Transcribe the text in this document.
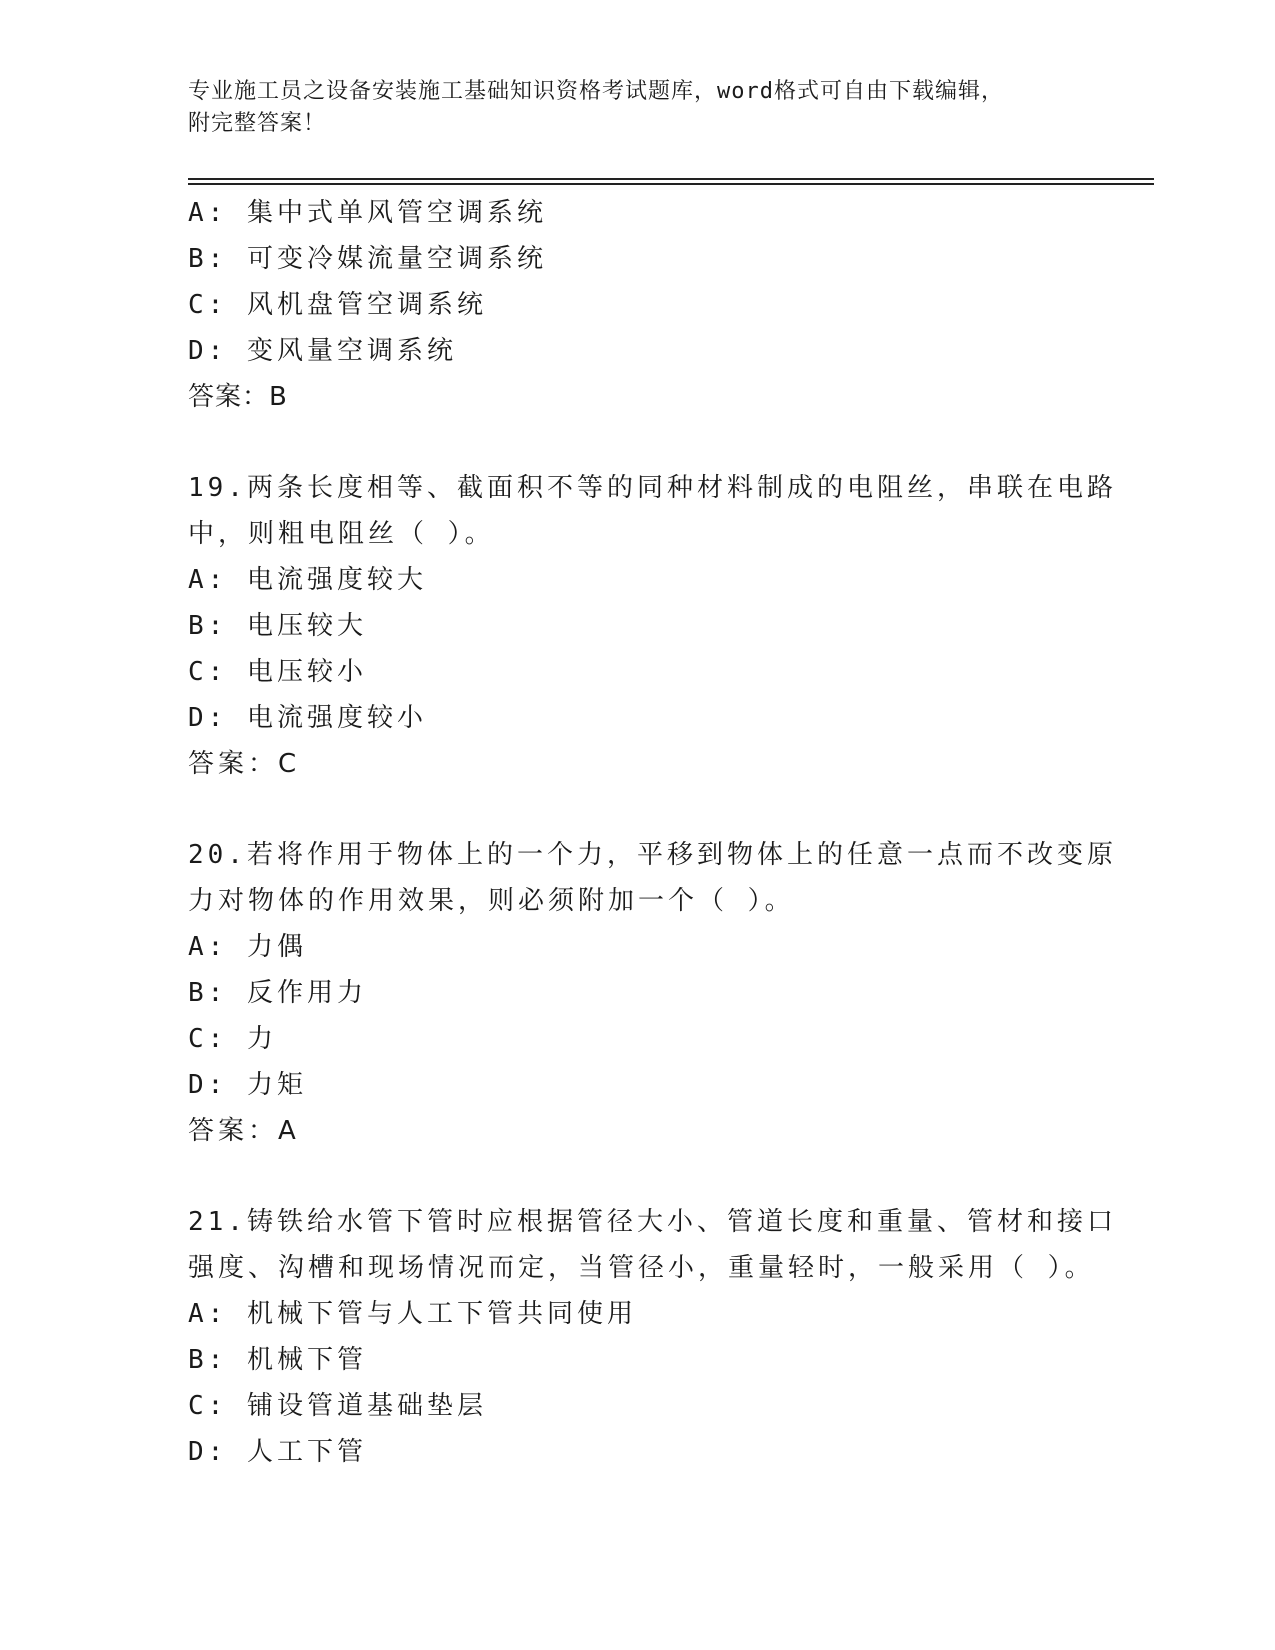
专业施工员之设备安装施工基础知识资格考试题库，word格式可自由下载编辑，
附完整答案！
A: 集中式单风管空调系统
B: 可变冷媒流量空调系统
C: 风机盘管空调系统
D: 变风量空调系统
答案：B
19.两条长度相等、截面积不等的同种材料制成的电阻丝，串联在电路
中，则粗电阻丝（ ）。
A: 电流强度较大
B: 电压较大
C: 电压较小
D: 电流强度较小
答案：C
20.若将作用于物体上的一个力，平移到物体上的任意一点而不改变原
力对物体的作用效果，则必须附加一个（ ）。
A: 力偶
B: 反作用力
C: 力
D: 力矩
答案：A
21.铸铁给水管下管时应根据管径大小、管道长度和重量、管材和接口
强度、沟槽和现场情况而定，当管径小，重量轻时，一般采用（ ）。
A: 机械下管与人工下管共同使用
B: 机械下管
C: 铺设管道基础垫层
D: 人工下管
